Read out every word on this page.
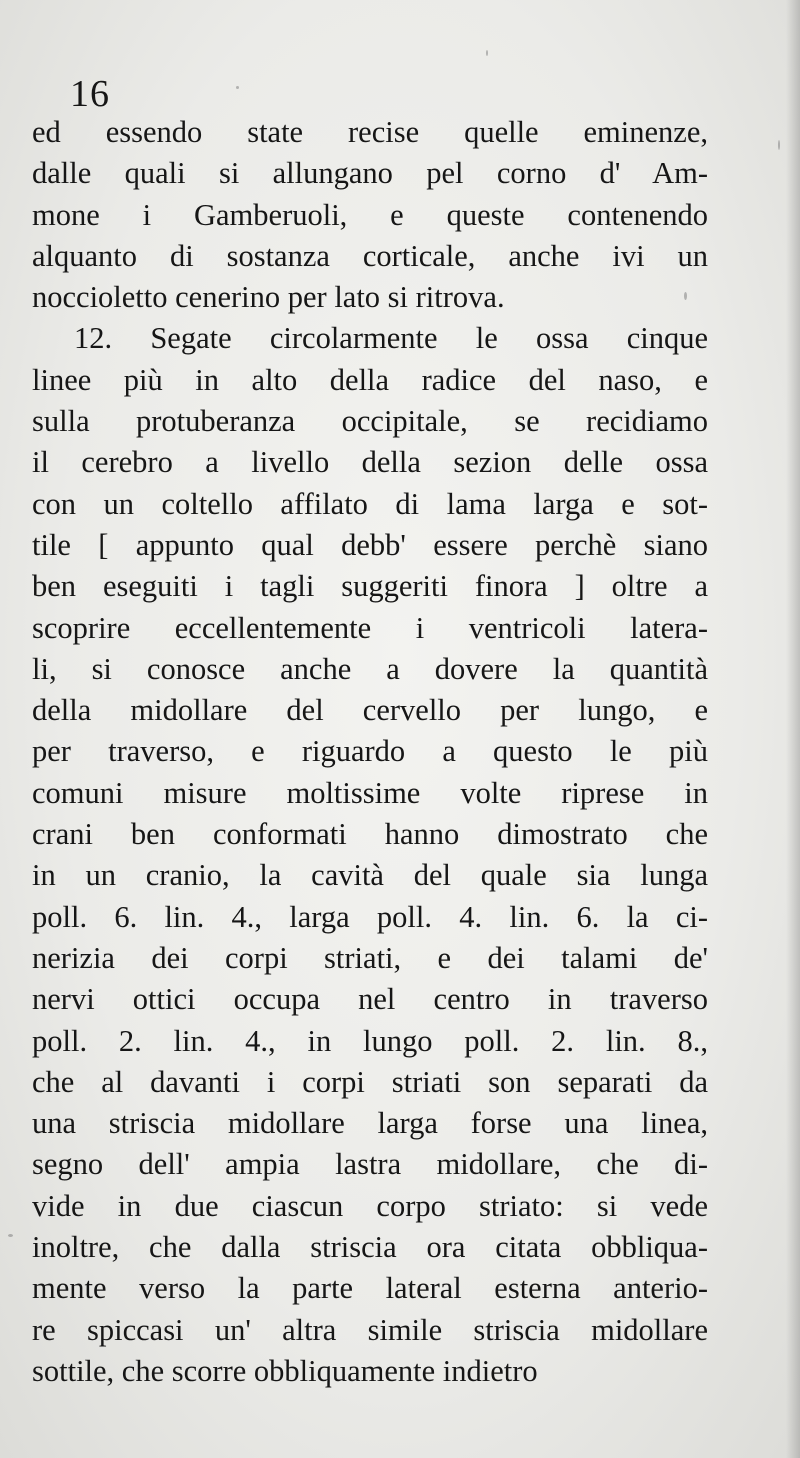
16
ed essendo state recise quelle eminenze,
dalle quali si allungano pel corno d' Am-
mone i Gamberuoli, e queste contenendo
alquanto di sostanza corticale, anche ivi un
noccioletto cenerino per lato si ritrova.
12. Segate circolarmente le ossa cinque
linee più in alto della radice del naso, e
sulla protuberanza occipitale, se recidiamo
il cerebro a livello della sezion delle ossa
con un coltello affilato di lama larga e sot-
tile [ appunto qual debb' essere perchè siano
ben eseguiti i tagli suggeriti finora ] oltre a
scoprire eccellentemente i ventricoli latera-
li, si conosce anche a dovere la quantità
della midollare del cervello per lungo, e
per traverso, e riguardo a questo le più
comuni misure moltissime volte riprese in
crani ben conformati hanno dimostrato che
in un cranio, la cavità del quale sia lunga
poll. 6. lin. 4., larga poll. 4. lin. 6. la ci-
nerizia dei corpi striati, e dei talami de'
nervi ottici occupa nel centro in traverso
poll. 2. lin. 4., in lungo poll. 2. lin. 8.,
che al davanti i corpi striati son separati da
una striscia midollare larga forse una linea,
segno dell' ampia lastra midollare, che di-
vide in due ciascun corpo striato: si vede
inoltre, che dalla striscia ora citata obbliqua-
mente verso la parte lateral esterna anterio-
re spiccasi un' altra simile striscia midollare
sottile, che scorre obbliquamente indietro
